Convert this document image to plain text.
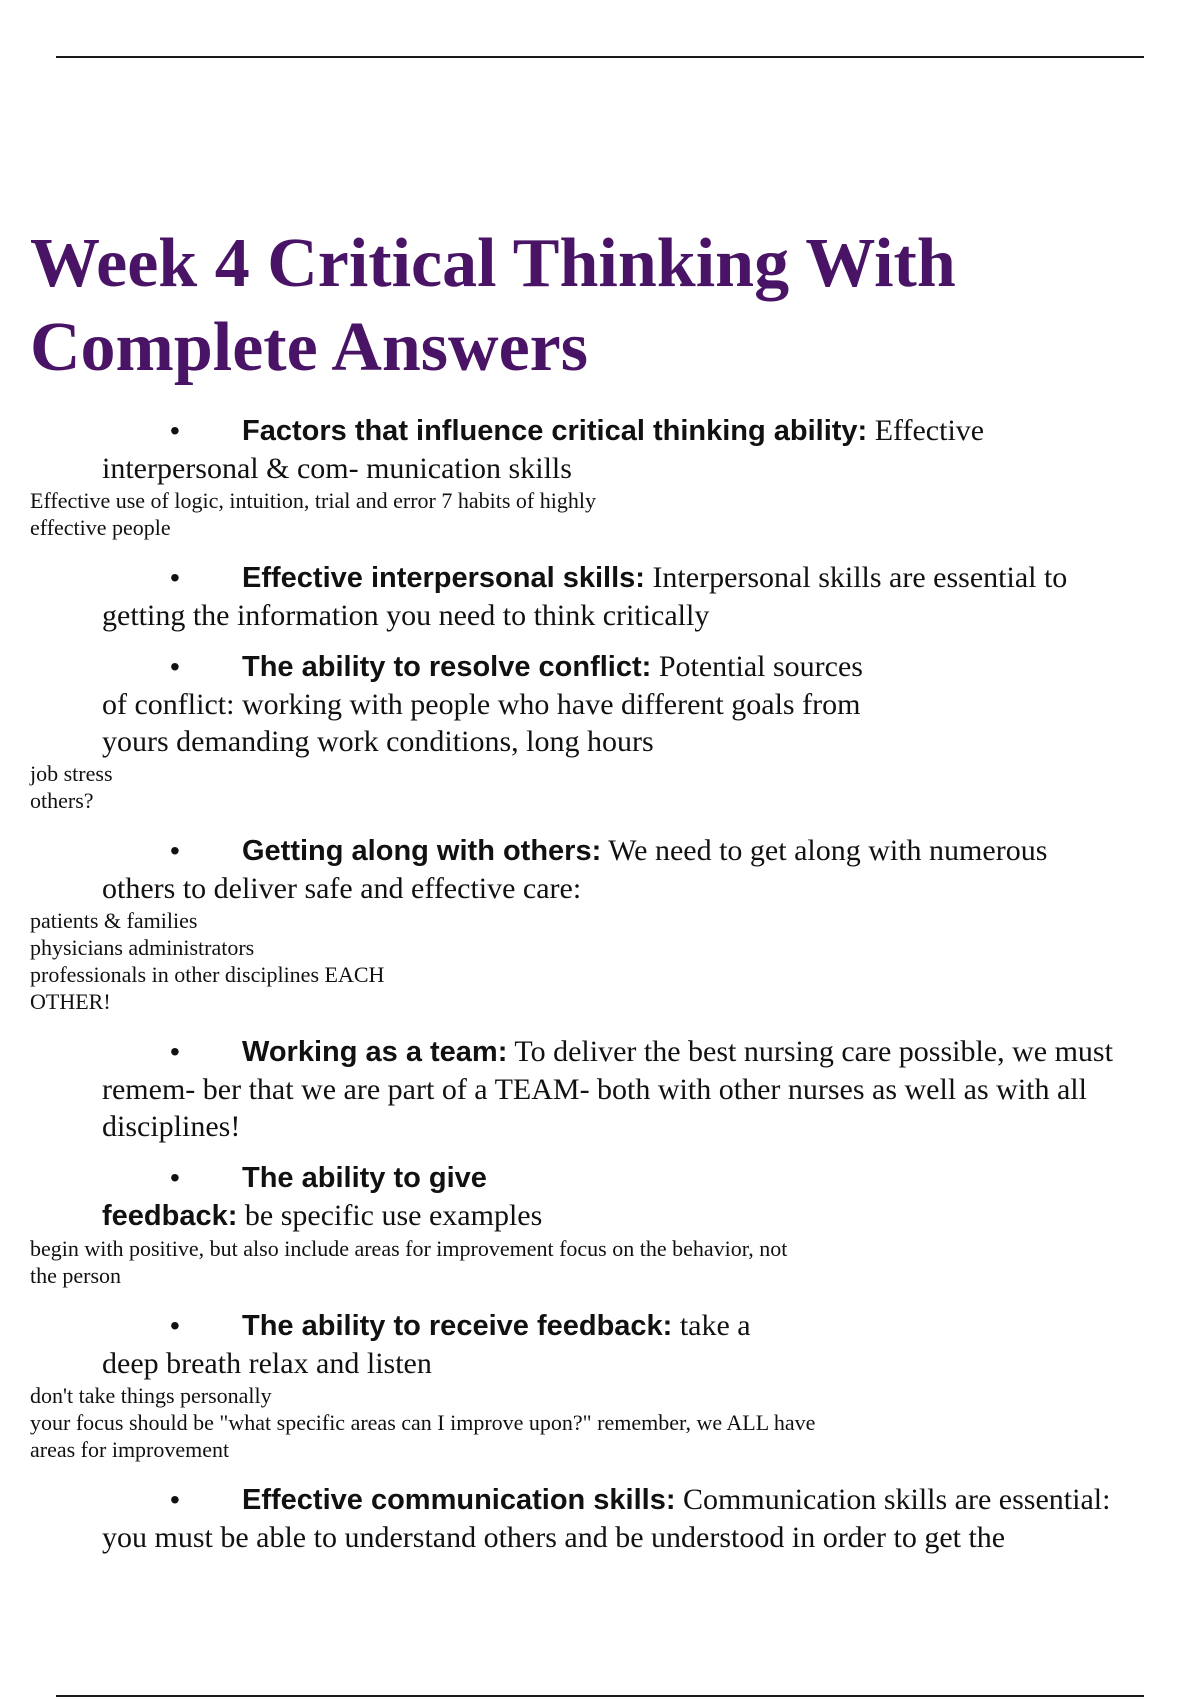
Week 4 Critical Thinking With
Complete Answers
• Factors that influence critical thinking ability: Effective
interpersonal & com- munication skills
Effective use of logic, intuition, trial and error 7 habits of highly
effective people
• Effective interpersonal skills: Interpersonal skills are essential to
getting the information you need to think critically
• The ability to resolve conflict: Potential sources
of conflict: working with people who have different goals from
yours demanding work conditions, long hours
job stress
others?
• Getting along with others: We need to get along with numerous
others to deliver safe and effective care:
patients & families
physicians administrators
professionals in other disciplines EACH
OTHER!
• Working as a team: To deliver the best nursing care possible, we must
remem- ber that we are part of a TEAM- both with other nurses as well as with all
disciplines!
• The ability to give
feedback: be specific use examples
begin with positive, but also include areas for improvement focus on the behavior, not
the person
• The ability to receive feedback: take a
deep breath relax and listen
don't take things personally
your focus should be "what specific areas can I improve upon?" remember, we ALL have
areas for improvement
• Effective communication skills: Communication skills are essential:
you must be able to understand others and be understood in order to get the
